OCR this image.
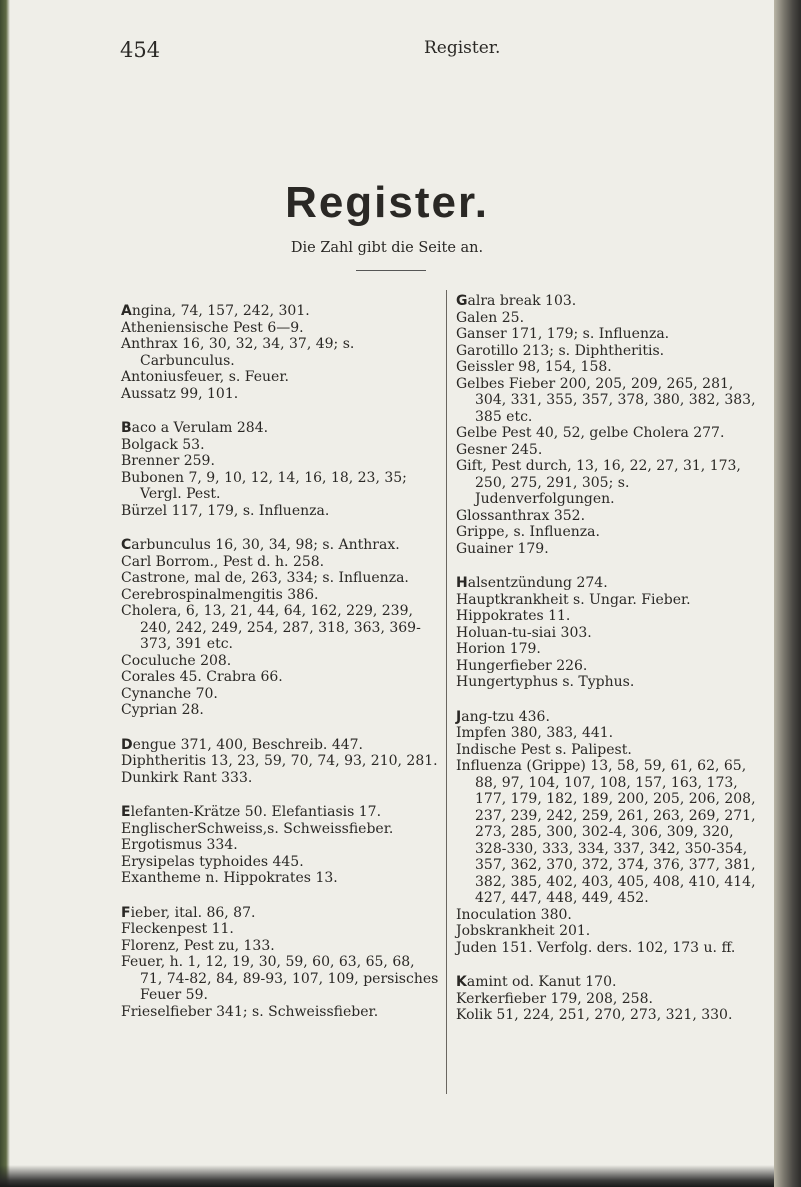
454	Register.
Register.
Die Zahl gibt die Seite an.

Angina, 74, 157, 242, 301.

Atheniensische Pest 6—9.

Anthrax 16, 30, 32, 34, 37, 49; s. Carbunculus.

Antoniusfeuer, s. Feuer.

Aussatz 99, 101.

Baco a Verulam 284.

Bolgack 53.

Brenner 259.

Bubonen 7, 9, 10, 12, 14, 16, 18, 23, 35; Vergl. Pest.

Bürzel 117, 179, s. Influenza.

Carbunculus 16, 30, 34, 98; s. Anthrax.

Carl Borrom., Pest d. h. 258.

Castrone, mal de, 263, 334; s. Influenza.

Cerebrospinalmengitis 386.

Cholera, 6, 13, 21, 44, 64, 162, 229, 239, 240, 242, 249, 254, 287, 318, 363, 369-373, 391 etc.

Coculuche 208.

Corales 45. Crabra 66.

Cynanche 70.

Cyprian 28.

Dengue 371, 400, Beschreib. 447.

Diphtheritis 13, 23, 59, 70, 74, 93, 210, 281.

Dunkirk Rant 333.

Elefanten-Krätze 50. Elefantiasis 17.

EnglischerSchweiss,s. Schweissfieber.

Ergotismus 334.

Erysipelas typhoides 445.

Exantheme n. Hippokrates 13.

Fieber, ital. 86, 87.

Fleckenpest 11.

Florenz, Pest zu, 133.

Feuer, h. 1, 12, 19, 30, 59, 60, 63, 65, 68, 71, 74-82, 84, 89-93, 107, 109, persisches Feuer 59.

Frieselfieber 341; s. Schweissfieber.

Galra break 103.

Galen 25.

Ganser 171, 179; s. Influenza.

Garotillo 213; s. Diphtheritis.

Geissler 98, 154, 158.

Gelbes Fieber 200, 205, 209, 265, 281, 304, 331, 355, 357, 378, 380, 382, 383, 385 etc.

Gelbe Pest 40, 52, gelbe Cholera 277.

Gesner 245.

Gift, Pest durch, 13, 16, 22, 27, 31, 173, 250, 275, 291, 305; s. Judenverfolgungen.

Glossanthrax 352.

Grippe, s. Influenza.

Guainer 179.

Halsentzündung 274.

Hauptkrankheit s. Ungar. Fieber.

Hippokrates 11.

Holuan-tu-siai 303.

Horion 179.

Hungerfieber 226.

Hungertyphus s. Typhus.

Jang-tzu 436.

Impfen 380, 383, 441.

Indische Pest s. Palipest.

Influenza (Grippe) 13, 58, 59, 61, 62, 65, 88, 97, 104, 107, 108, 157, 163, 173, 177, 179, 182, 189, 200, 205, 206, 208, 237, 239, 242, 259, 261, 263, 269, 271, 273, 285, 300, 302-4, 306, 309, 320, 328-330, 333, 334, 337, 342, 350-354, 357, 362, 370, 372, 374, 376, 377, 381, 382, 385, 402, 403, 405, 408, 410, 414, 427, 447, 448, 449, 452.

Inoculation 380.

Jobskrankheit 201.

Juden 151. Verfolg. ders. 102, 173 u. ff.

Kamint od. Kanut 170.

Kerkerfieber 179, 208, 258.

Kolik 51, 224, 251, 270, 273, 321, 330.
